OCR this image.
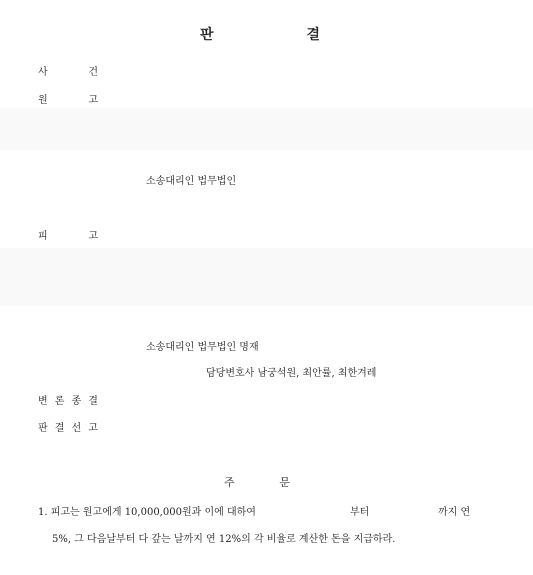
판	결
사	건
원	고
소송대리인 법무법인
피	고
소송대리인 법무법인 명재
담당변호사 남궁석원, 최안률, 최한겨레
변 론 종 결
판 결 선 고
주	문
1. 피고는 원고에게 10,000,000원과 이에 대하여	부터	까지 연
5%, 그 다음날부터 다 갚는 날까지 연 12%의 각 비율로 계산한 돈을 지급하라.
